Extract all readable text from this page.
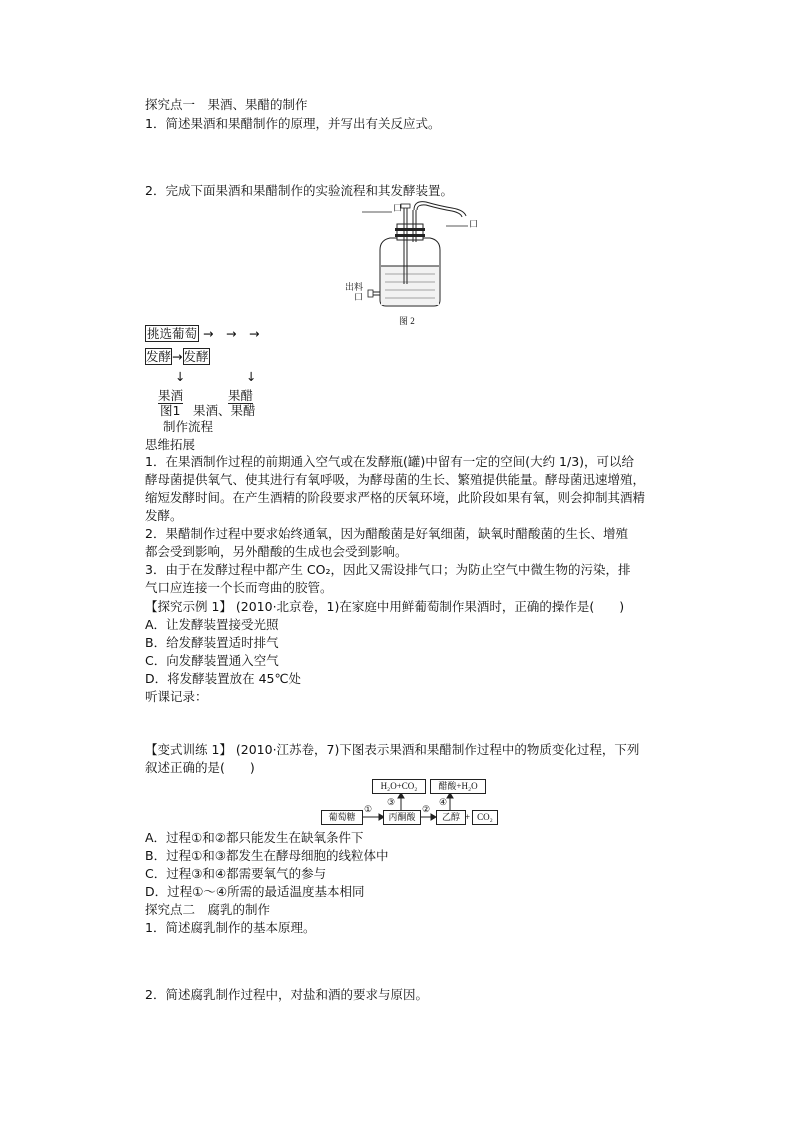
探究点一　果酒、果醋的制作
1．简述果酒和果醋制作的原理，并写出有关反应式。
2．完成下面果酒和果醋制作的实验流程和其发酵装置。
口
口
出料
口
图 2
挑选葡萄 →　→　→
发酵→发酵
↓	↓
果酒	果醋
图1　果酒、果醋
制作流程
思维拓展
1．在果酒制作过程的前期通入空气或在发酵瓶(罐)中留有一定的空间(大约 1/3)，可以给
酵母菌提供氧气、使其进行有氧呼吸，为酵母菌的生长、繁殖提供能量。酵母菌迅速增殖，
缩短发酵时间。在产生酒精的阶段要求严格的厌氧环境，此阶段如果有氧，则会抑制其酒精
发酵。
2．果醋制作过程中要求始终通氧，因为醋酸菌是好氧细菌，缺氧时醋酸菌的生长、增殖
都会受到影响，另外醋酸的生成也会受到影响。
3．由于在发酵过程中都产生 CO₂，因此又需设排气口；为防止空气中微生物的污染，排
气口应连接一个长而弯曲的胶管。
【探究示例 1】 (2010·北京卷，1)在家庭中用鲜葡萄制作果酒时，正确的操作是(　　)
A．让发酵装置接受光照
B．给发酵装置适时排气
C．向发酵装置通入空气
D．将发酵装置放在 45℃处
听课记录：
【变式训练 1】 (2010·江苏卷，7)下图表示果酒和果醋制作过程中的物质变化过程，下列
叙述正确的是(　　)
H₂O+CO₂	醋酸+H₂O
葡萄糖	丙酮酸	乙醇 + CO₂
①	②
③	④
A．过程①和②都只能发生在缺氧条件下
B．过程①和③都发生在酵母细胞的线粒体中
C．过程③和④都需要氧气的参与
D．过程①～④所需的最适温度基本相同
探究点二　腐乳的制作
1．简述腐乳制作的基本原理。
2．简述腐乳制作过程中，对盐和酒的要求与原因。
